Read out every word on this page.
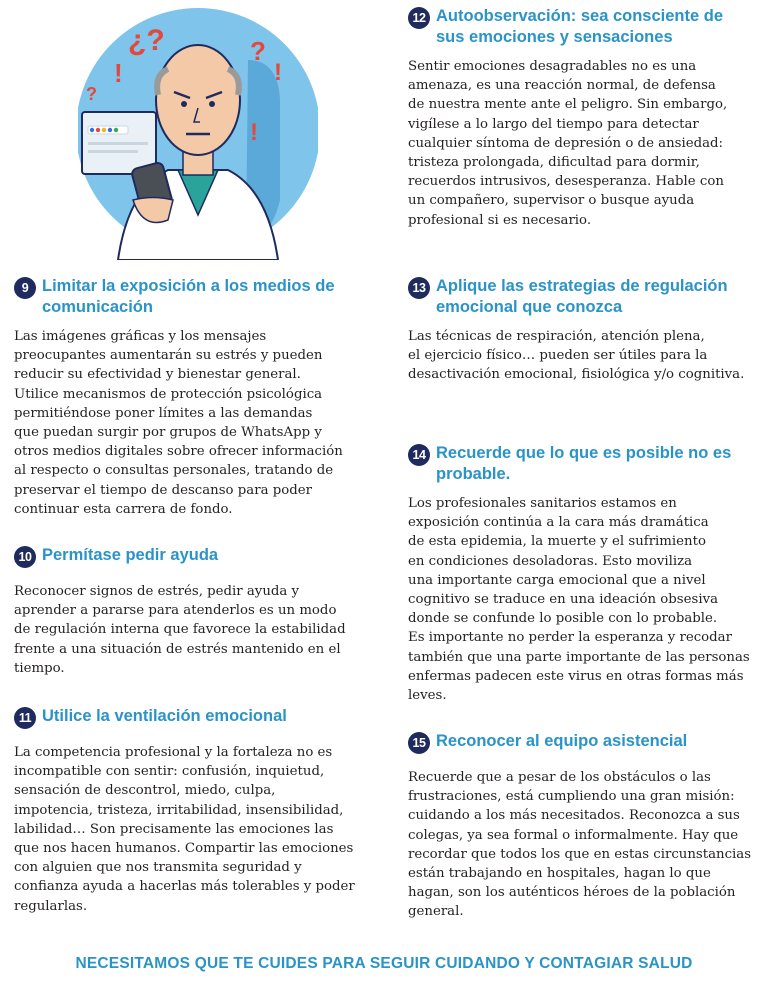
¿?
!
?
!
?
!
9 Limitar la exposición a los medios de comunicación
Las imágenes gráficas y los mensajes
preocupantes aumentarán su estrés y pueden
reducir su efectividad y bienestar general.
Utilice mecanismos de protección psicológica
permitiéndose poner límites a las demandas
que puedan surgir por grupos de WhatsApp y
otros medios digitales sobre ofrecer información
al respecto o consultas personales, tratando de
preservar el tiempo de descanso para poder
continuar esta carrera de fondo.
10 Permítase pedir ayuda
Reconocer signos de estrés, pedir ayuda y
aprender a pararse para atenderlos es un modo
de regulación interna que favorece la estabilidad
frente a una situación de estrés mantenido en el
tiempo.
11 Utilice la ventilación emocional
La competencia profesional y la fortaleza no es
incompatible con sentir: confusión, inquietud,
sensación de descontrol, miedo, culpa,
impotencia, tristeza, irritabilidad, insensibilidad,
labilidad… Son precisamente las emociones las
que nos hacen humanos. Compartir las emociones
con alguien que nos transmita seguridad y
confianza ayuda a hacerlas más tolerables y poder
regularlas.
12 Autoobservación: sea consciente de sus emociones y sensaciones
Sentir emociones desagradables no es una
amenaza, es una reacción normal, de defensa
de nuestra mente ante el peligro. Sin embargo,
vigílese a lo largo del tiempo para detectar
cualquier síntoma de depresión o de ansiedad:
tristeza prolongada, dificultad para dormir,
recuerdos intrusivos, desesperanza. Hable con
un compañero, supervisor o busque ayuda
profesional si es necesario.
13 Aplique las estrategias de regulación emocional que conozca
Las técnicas de respiración, atención plena,
el ejercicio físico… pueden ser útiles para la
desactivación emocional, fisiológica y/o cognitiva.
14 Recuerde que lo que es posible no es probable.
Los profesionales sanitarios estamos en
exposición continúa a la cara más dramática
de esta epidemia, la muerte y el sufrimiento
en condiciones desoladoras. Esto moviliza
una importante carga emocional que a nivel
cognitivo se traduce en una ideación obsesiva
donde se confunde lo posible con lo probable.
Es importante no perder la esperanza y recodar
también que una parte importante de las personas
enfermas padecen este virus en otras formas más
leves.
15 Reconocer al equipo asistencial
Recuerde que a pesar de los obstáculos o las
frustraciones, está cumpliendo una gran misión:
cuidando a los más necesitados. Reconozca a sus
colegas, ya sea formal o informalmente. Hay que
recordar que todos los que en estas circunstancias
están trabajando en hospitales, hagan lo que
hagan, son los auténticos héroes de la población
general.
NECESITAMOS QUE TE CUIDES PARA SEGUIR CUIDANDO Y CONTAGIAR SALUD
